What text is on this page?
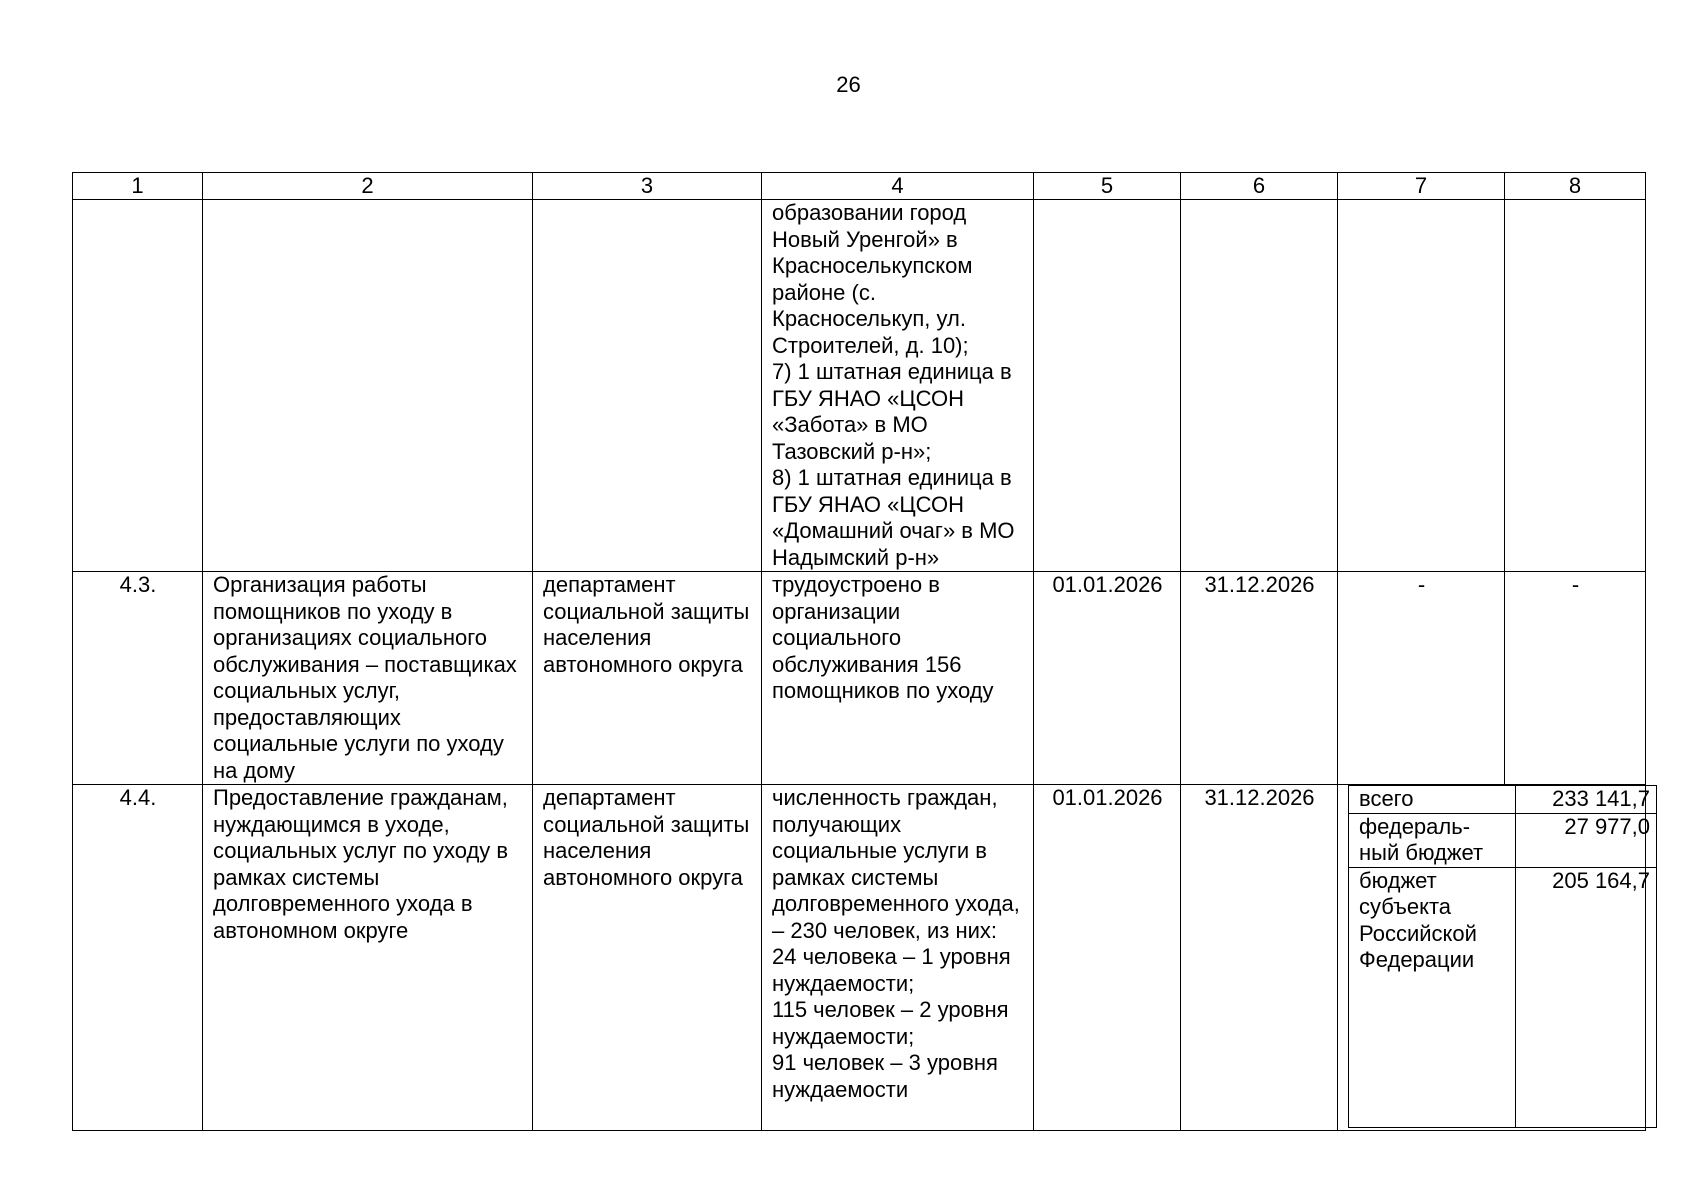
26
1	2	3	4	5	6	7	8
			образовании город Новый Уренгой» в Красноселькупском районе (с. Красноселькуп, ул. Строителей, д. 10);
7) 1 штатная единица в ГБУ ЯНАО «ЦСОН «Забота» в МО Тазовский р-н»;
8) 1 штатная единица в ГБУ ЯНАО «ЦСОН «Домашний очаг» в МО Надымский р-н»				
4.3.	Организация работы помощников по уходу в организациях социального обслуживания – поставщиках социальных услуг, предоставляющих социальные услуги по уходу на дому	департамент социальной защиты населения автономного округа	трудоустроено в организации социального обслуживания 156 помощников по уходу	01.01.2026	31.12.2026	-	-
4.4.	Предоставление гражданам, нуждающимся в уходе, социальных услуг по уходу в рамках системы долговременного ухода в автономном округе	департамент социальной защиты населения автономного округа	численность граждан, получающих социальные услуги в рамках системы долговременного ухода, – 230 человек, из них:
24 человека – 1 уровня нуждаемости;
115 человек – 2 уровня нуждаемости;
91 человек – 3 уровня нуждаемости	01.01.2026	31.12.2026	всего	233 141,7
федераль-
ный бюджет	27 977,0
бюджет
субъекта
Российской
Федерации	205 164,7
